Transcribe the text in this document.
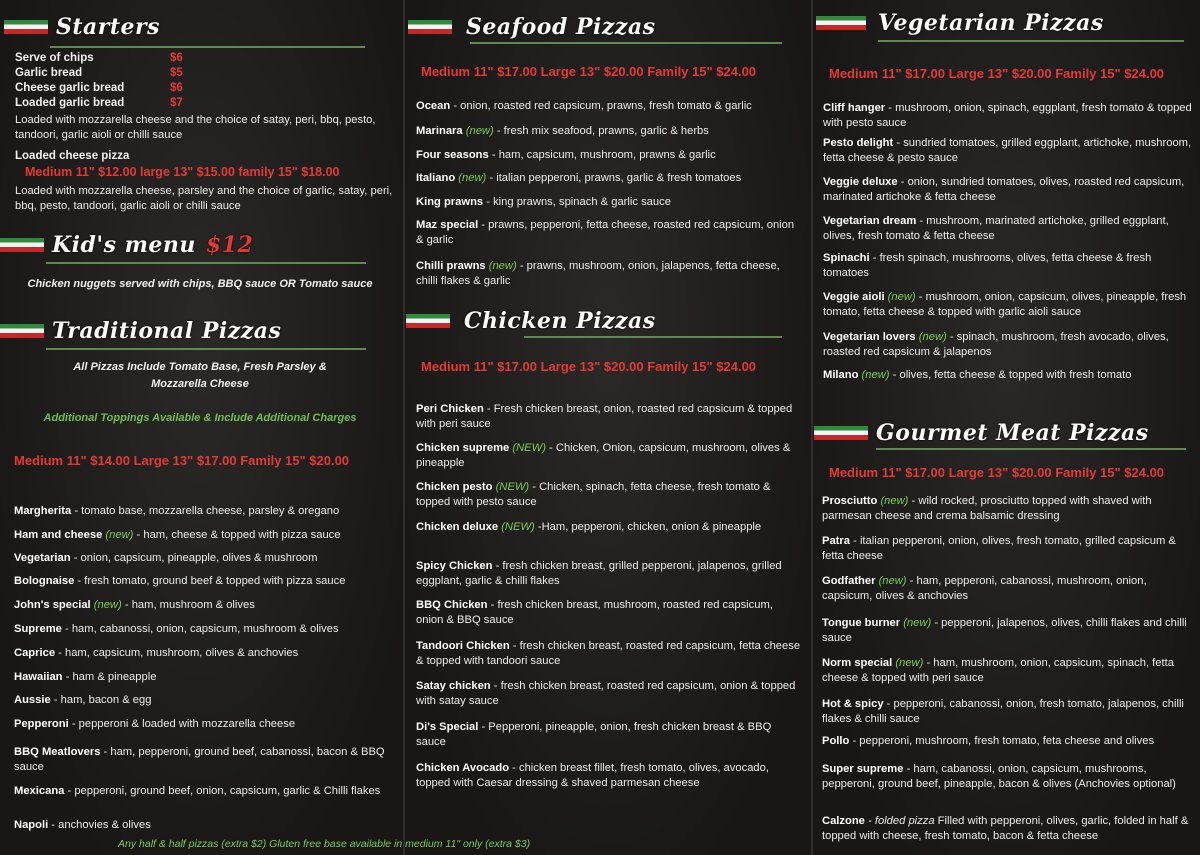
Starters
Serve of chips	$6
Garlic bread	$5
Cheese garlic bread	$6
Loaded garlic bread	$7
Loaded with mozzarella cheese and the choice of satay, peri, bbq, pesto, tandoori, garlic aioli or chilli sauce
Loaded cheese pizza
Medium 11" $12.00 large 13" $15.00 family 15" $18.00
Loaded with mozzarella cheese, parsley and the choice of garlic, satay, peri, bbq, pesto, tandoori, garlic aioli or chilli sauce
Kid's menu $12
Chicken nuggets served with chips, BBQ sauce OR Tomato sauce
Traditional Pizzas
All Pizzas Include Tomato Base, Fresh Parsley & Mozzarella Cheese
Additional Toppings Available & Include Additional Charges
Medium 11" $14.00 Large 13" $17.00 Family 15" $20.00
Margherita - tomato base, mozzarella cheese, parsley & oregano
Ham and cheese (new) - ham, cheese & topped with pizza sauce
Vegetarian - onion, capsicum, pineapple, olives & mushroom
Bolognaise - fresh tomato, ground beef & topped with pizza sauce
John's special (new) - ham, mushroom & olives
Supreme - ham, cabanossi, onion, capsicum, mushroom & olives
Caprice - ham, capsicum, mushroom, olives & anchovies
Hawaiian - ham & pineapple
Aussie - ham, bacon & egg
Pepperoni - pepperoni & loaded with mozzarella cheese
BBQ Meatlovers - ham, pepperoni, ground beef, cabanossi, bacon & BBQ sauce
Mexicana - pepperoni, ground beef, onion, capsicum, garlic & Chilli flakes
Napoli - anchovies & olives
Any half & half pizzas (extra $2) Gluten free base available in medium 11" only (extra $3)
Seafood Pizzas
Medium 11" $17.00 Large 13" $20.00 Family 15" $24.00
Ocean - onion, roasted red capsicum, prawns, fresh tomato & garlic
Marinara (new) - fresh mix seafood, prawns, garlic & herbs
Four seasons - ham, capsicum, mushroom, prawns & garlic
Italiano (new) - italian pepperoni, prawns, garlic & fresh tomatoes
King prawns - king prawns, spinach & garlic sauce
Maz special - prawns, pepperoni, fetta cheese, roasted red capsicum, onion & garlic
Chilli prawns (new) - prawns, mushroom, onion, jalapenos, fetta cheese, chilli flakes & garlic
Chicken Pizzas
Medium 11" $17.00 Large 13" $20.00 Family 15" $24.00
Peri Chicken - Fresh chicken breast, onion, roasted red capsicum & topped with peri sauce
Chicken supreme (NEW) - Chicken, Onion, capsicum, mushroom, olives & pineapple
Chicken pesto (NEW) - Chicken, spinach, fetta cheese, fresh tomato & topped with pesto sauce
Chicken deluxe (NEW) -Ham, pepperoni, chicken, onion & pineapple
Spicy Chicken - fresh chicken breast, grilled pepperoni, jalapenos, grilled eggplant, garlic & chilli flakes
BBQ Chicken - fresh chicken breast, mushroom, roasted red capsicum, onion & BBQ sauce
Tandoori Chicken - fresh chicken breast, roasted red capsicum, fetta cheese & topped with tandoori sauce
Satay chicken - fresh chicken breast, roasted red capsicum, onion & topped with satay sauce
Di's Special - Pepperoni, pineapple, onion, fresh chicken breast & BBQ sauce
Chicken Avocado - chicken breast fillet, fresh tomato, olives, avocado, topped with Caesar dressing & shaved parmesan cheese
Vegetarian Pizzas
Medium 11" $17.00 Large 13" $20.00 Family 15" $24.00
Cliff hanger - mushroom, onion, spinach, eggplant, fresh tomato & topped with pesto sauce
Pesto delight - sundried tomatoes, grilled eggplant, artichoke, mushroom, fetta cheese & pesto sauce
Veggie deluxe - onion, sundried tomatoes, olives, roasted red capsicum, marinated artichoke & fetta cheese
Vegetarian dream - mushroom, marinated artichoke, grilled eggplant, olives, fresh tomato & fetta cheese
Spinachi - fresh spinach, mushrooms, olives, fetta cheese & fresh tomatoes
Veggie aioli (new) - mushroom, onion, capsicum, olives, pineapple, fresh tomato, fetta cheese & topped with garlic aioli sauce
Vegetarian lovers (new) - spinach, mushroom, fresh avocado, olives, roasted red capsicum & jalapenos
Milano (new) - olives, fetta cheese & topped with fresh tomato
Gourmet Meat Pizzas
Medium 11" $17.00 Large 13" $20.00 Family 15" $24.00
Prosciutto (new) - wild rocked, prosciutto topped with shaved with parmesan cheese and crema balsamic dressing
Patra - italian pepperoni, onion, olives, fresh tomato, grilled capsicum & fetta cheese
Godfather (new) - ham, pepperoni, cabanossi, mushroom, onion, capsicum, olives & anchovies
Tongue burner (new) - pepperoni, jalapenos, olives, chilli flakes and chilli sauce
Norm special (new) - ham, mushroom, onion, capsicum, spinach, fetta cheese & topped with peri sauce
Hot & spicy - pepperoni, cabanossi, onion, fresh tomato, jalapenos, chilli flakes & chilli sauce
Pollo - pepperoni, mushroom, fresh tomato, feta cheese and olives
Super supreme - ham, cabanossi, onion, capsicum, mushrooms, pepperoni, ground beef, pineapple, bacon & olives (Anchovies optional)
Calzone - folded pizza Filled with pepperoni, olives, garlic, folded in half & topped with cheese, fresh tomato, bacon & fetta cheese
